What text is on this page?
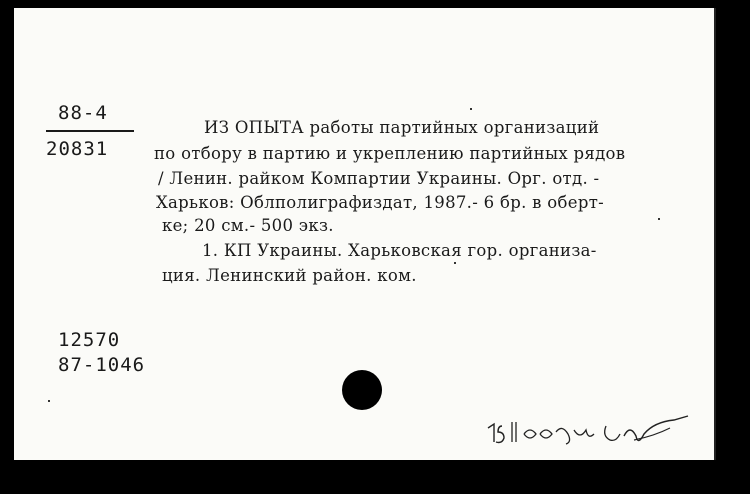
88-4
20831
ИЗ ОПЫТА работы партийных организаций
по отбору в партию и укреплению партийных рядов
/ Ленин. райком Компартии Украины. Орг. отд. -
Харьков: Облполиграфиздат, 1987.- 6 бр. в оберт-
ке; 20 см.- 500 экз.
1. КП Украины. Харьковская гор. организа-
ция. Ленинский район. ком.
12570
87-1046
